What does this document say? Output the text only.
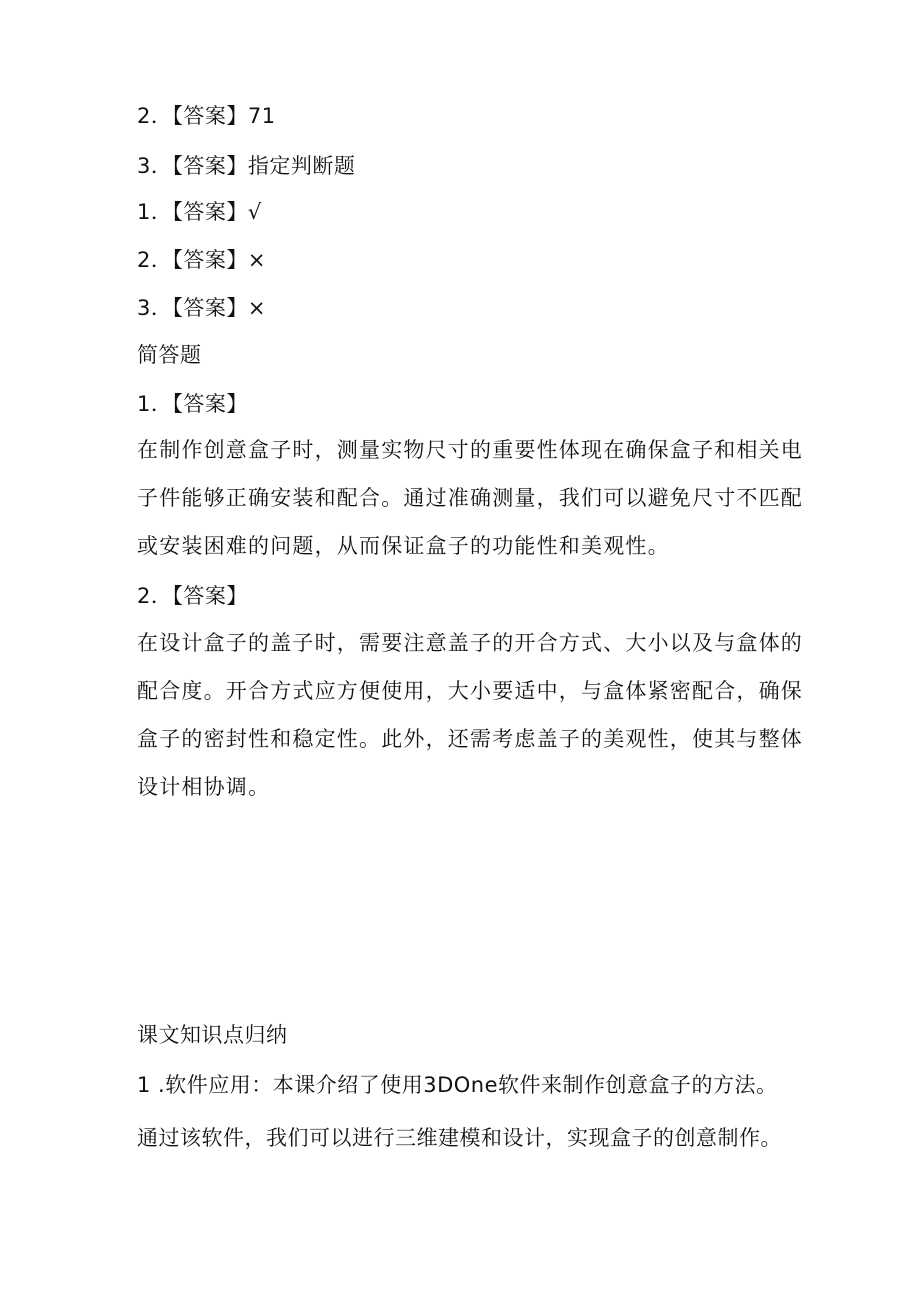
2．【答案】71
3．【答案】指定判断题
1．【答案】√
2．【答案】×
3．【答案】×
简答题
1．【答案】
在制作创意盒子时，测量实物尺寸的重要性体现在确保盒子和相关电
子件能够正确安装和配合。通过准确测量，我们可以避免尺寸不匹配
或安装困难的问题，从而保证盒子的功能性和美观性。
2．【答案】
在设计盒子的盖子时，需要注意盖子的开合方式、大小以及与盒体的
配合度。开合方式应方便使用，大小要适中，与盒体紧密配合，确保
盒子的密封性和稳定性。此外，还需考虑盖子的美观性，使其与整体
设计相协调。
课文知识点归纳
1 .软件应用：本课介绍了使用3DOne软件来制作创意盒子的方法。
通过该软件，我们可以进行三维建模和设计，实现盒子的创意制作。
